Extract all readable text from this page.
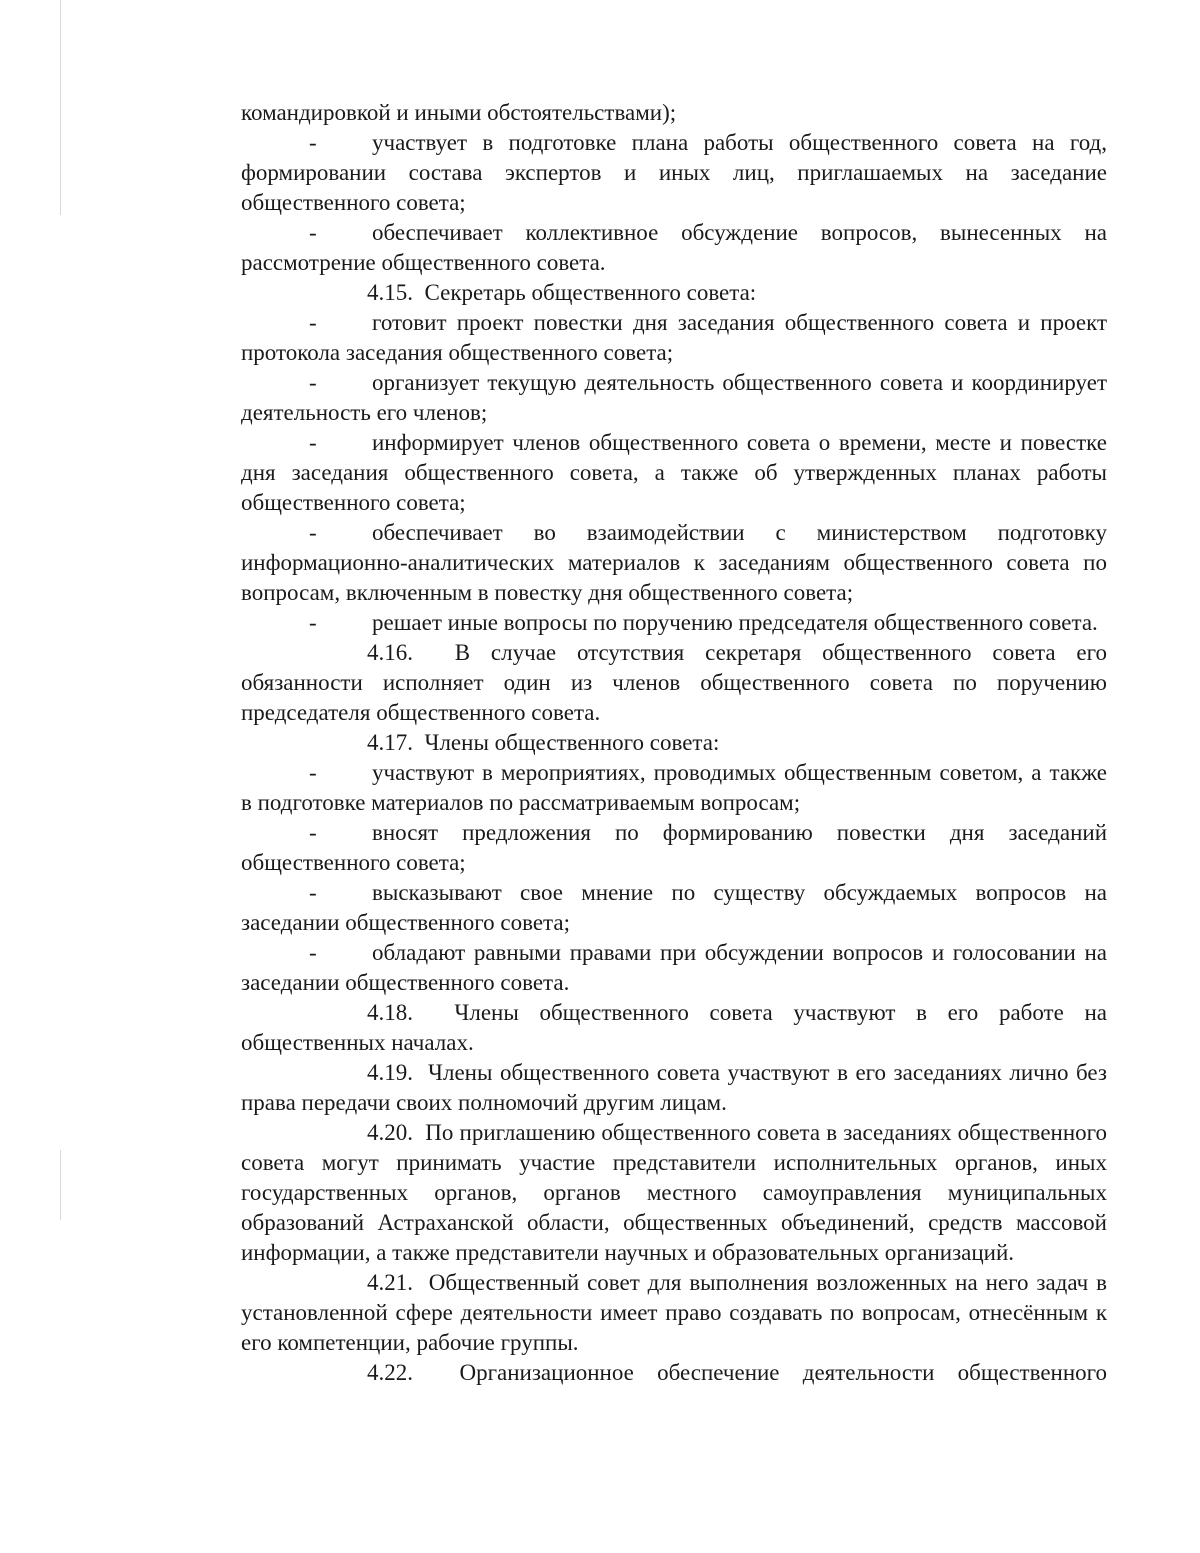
командировкой и иными обстоятельствами);

- участвует в подготовке плана работы общественного совета на год, формировании состава экспертов и иных лиц, приглашаемых на заседание общественного совета;

- обеспечивает коллективное обсуждение вопросов, вынесенных на рассмотрение общественного совета.

4.15. Секретарь общественного совета:

- готовит проект повестки дня заседания общественного совета и проект протокола заседания общественного совета;

- организует текущую деятельность общественного совета и координирует деятельность его членов;

- информирует членов общественного совета о времени, месте и повестке дня заседания общественного совета, а также об утвержденных планах работы общественного совета;

- обеспечивает во взаимодействии с министерством подготовку информационно-аналитических материалов к заседаниям общественного совета по вопросам, включенным в повестку дня общественного совета;

- решает иные вопросы по поручению председателя общественного совета.

4.16. В случае отсутствия секретаря общественного совета его обязанности исполняет один из членов общественного совета по поручению председателя общественного совета.

4.17. Члены общественного совета:

- участвуют в мероприятиях, проводимых общественным советом, а также в подготовке материалов по рассматриваемым вопросам;

- вносят предложения по формированию повестки дня заседаний общественного совета;

- высказывают свое мнение по существу обсуждаемых вопросов на заседании общественного совета;

- обладают равными правами при обсуждении вопросов и голосовании на заседании общественного совета.

4.18. Члены общественного совета участвуют в его работе на общественных началах.

4.19. Члены общественного совета участвуют в его заседаниях лично без права передачи своих полномочий другим лицам.

4.20. По приглашению общественного совета в заседаниях общественного совета могут принимать участие представители исполнительных органов, иных государственных органов, органов местного самоуправления муниципальных образований Астраханской области, общественных объединений, средств массовой информации, а также представители научных и образовательных организаций.

4.21. Общественный совет для выполнения возложенных на него задач в установленной сфере деятельности имеет право создавать по вопросам, отнесённым к его компетенции, рабочие группы.

4.22. Организационное обеспечение деятельности общественного
